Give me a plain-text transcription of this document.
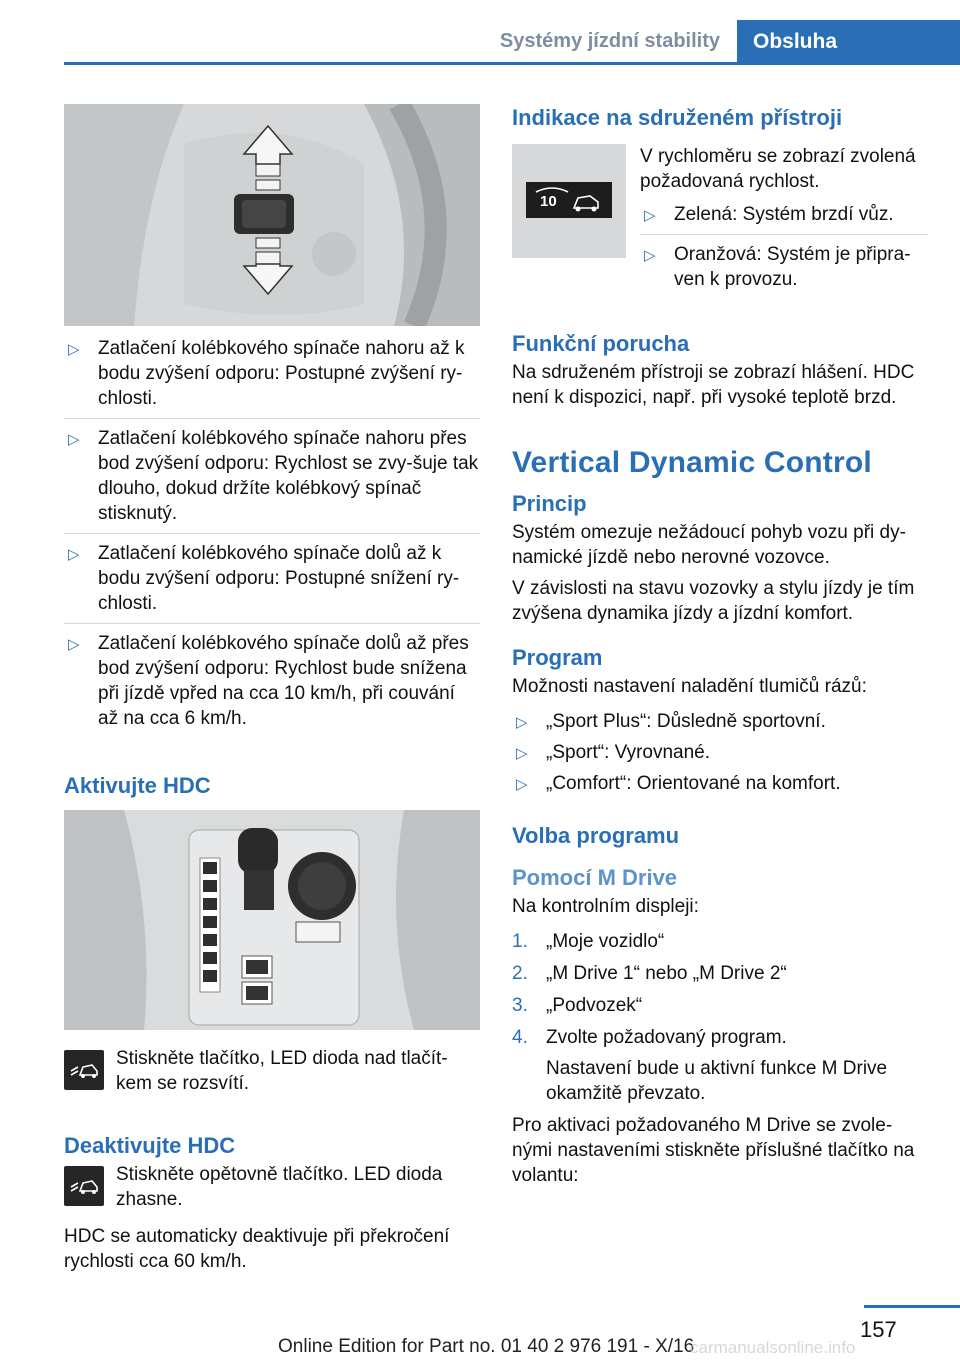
Systémy jízdní stability	Obsluha
▷ Zatlačení kolébkového spínače nahoru až k bodu zvýšení odporu: Postupné zvýšení ry‐chlosti.
▷ Zatlačení kolébkového spínače nahoru přes bod zvýšení odporu: Rychlost se zvy‐šuje tak dlouho, dokud držíte kolébkový spínač stisknutý.
▷ Zatlačení kolébkového spínače dolů až k bodu zvýšení odporu: Postupné snížení ry‐chlosti.
▷ Zatlačení kolébkového spínače dolů až přes bod zvýšení odporu: Rychlost bude snížena při jízdě vpřed na cca 10 km/h, při couvání až na cca 6 km/h.
Aktivujte HDC
Stiskněte tlačítko, LED dioda nad tlačít‐kem se rozsvítí.
Deaktivujte HDC
Stiskněte opětovně tlačítko. LED dioda zhasne.
HDC se automaticky deaktivuje při překročení rychlosti cca 60 km/h.
Indikace na sdruženém přístroji
10
V rychloměru se zobrazí zvolená požadovaná rychlost.
▷ Zelená: Systém brzdí vůz.
▷ Oranžová: Systém je připra‐ven k provozu.
Funkční porucha
Na sdruženém přístroji se zobrazí hlášení. HDC není k dispozici, např. při vysoké teplotě brzd.
Vertical Dynamic Control
Princip
Systém omezuje nežádoucí pohyb vozu při dy‐namické jízdě nebo nerovné vozovce.
V závislosti na stavu vozovky a stylu jízdy je tím zvýšena dynamika jízdy a jízdní komfort.
Program
Možnosti nastavení naladění tlumičů rázů:
▷ „Sport Plus“: Důsledně sportovní.
▷ „Sport“: Vyrovnané.
▷ „Comfort“: Orientované na komfort.
Volba programu
Pomocí M Drive
Na kontrolním displeji:
1. „Moje vozidlo“
2. „M Drive 1“ nebo „M Drive 2“
3. „Podvozek“
4. Zvolte požadovaný program.
Nastavení bude u aktivní funkce M Drive okamžitě převzato.
Pro aktivaci požadovaného M Drive se zvole‐nými nastaveními stiskněte příslušné tlačítko na volantu:
157
Online Edition for Part no. 01 40 2 976 191 - X/16
carmanualsonline.info
